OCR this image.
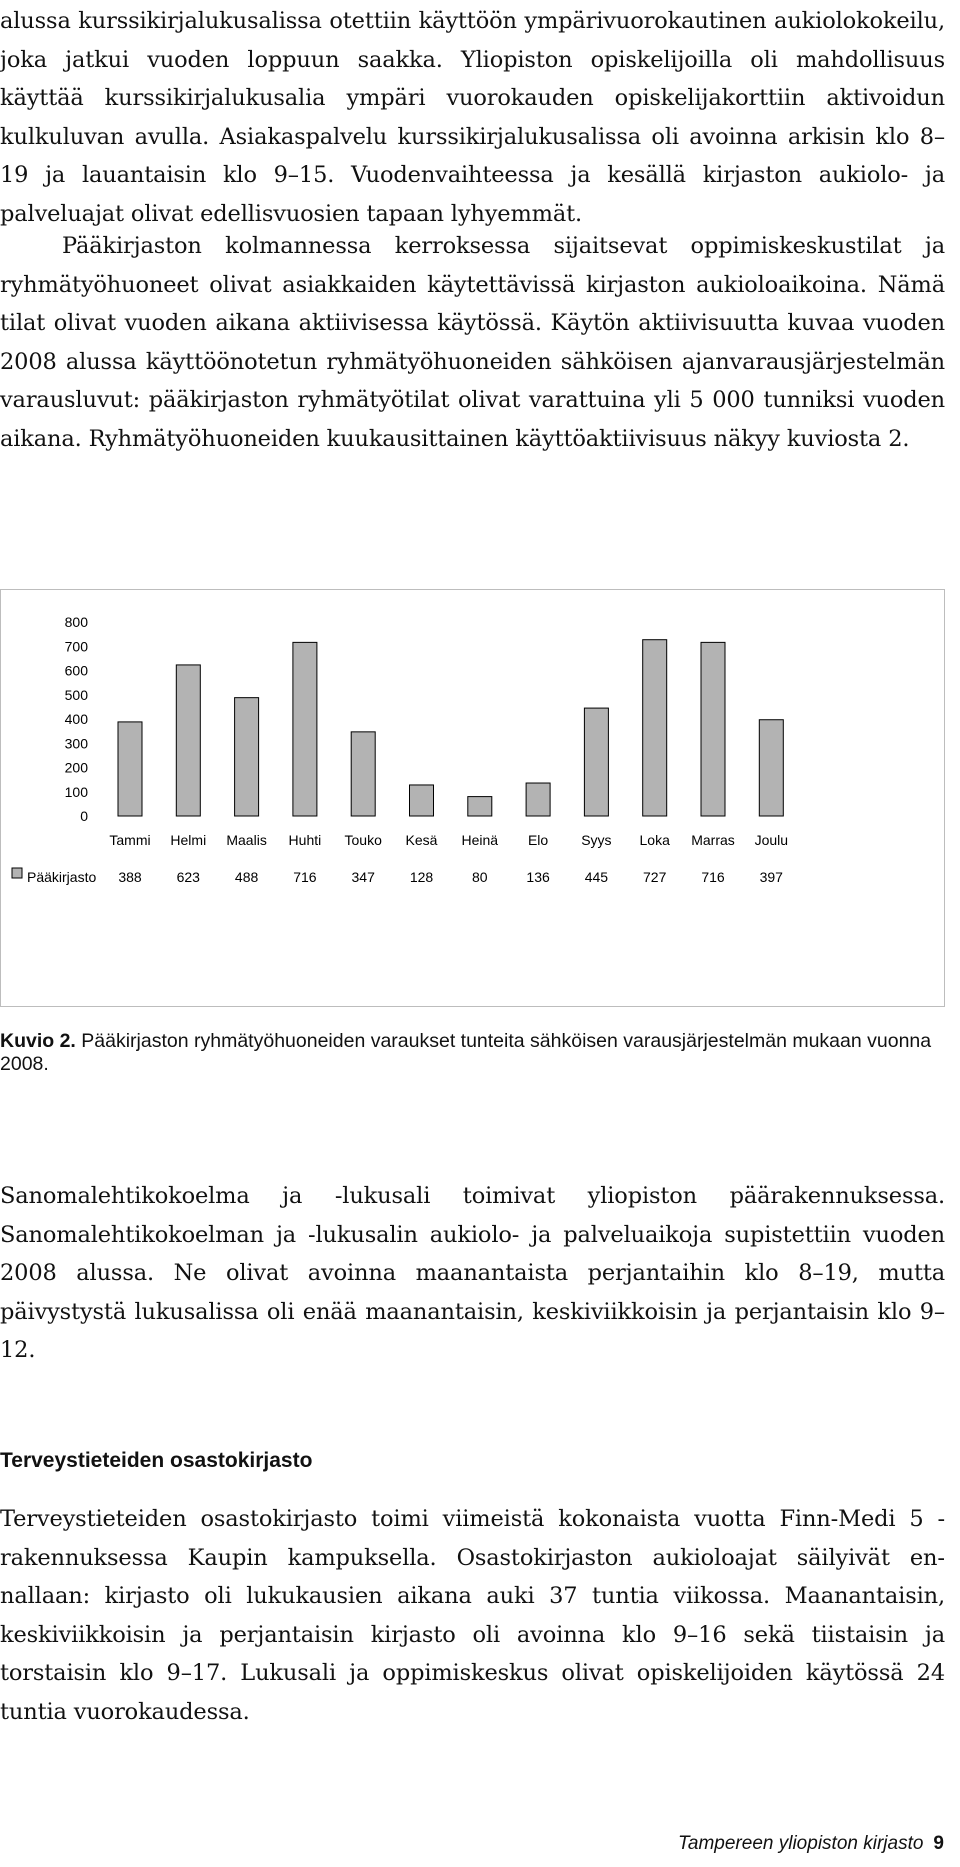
alussa kurssikirjalukusalissa otettiin käyttöön ympärivuorokautinen aukiolokokeilu, joka jatkui vuoden loppuun saakka. Yliopiston opiskelijoilla oli mahdollisuus käyttää kurssikirjalukusalia ympäri vuorokauden opiskelijakorttiin aktivoidun kulkuluvan avulla. Asiakaspalvelu kurssikirjalukusalissa oli avoinna arkisin klo 8–19 ja lauantaisin klo 9–15. Vuodenvaihteessa ja kesällä kirjaston aukiolo- ja palveluajat olivat edellisvuosien tapaan lyhyemmät.
Pääkirjaston kolmannessa kerroksessa sijaitsevat oppimiskeskustilat ja ryhmätyöhuoneet olivat asiakkaiden käytettävissä kirjaston aukioloaikoina. Nämä tilat olivat vuoden aikana aktiivisessa käytössä. Käytön aktiivisuutta kuvaa vuoden 2008 alussa käyttöönotetun ryhmätyöhuoneiden sähköisen ajanvarausjärjestelmän varausluvut: pääkirjaston ryhmätyötilat olivat varattuina yli 5 000 tunniksi vuoden aikana. Ryhmätyöhuoneiden kuukausittainen käyttöaktiivisuus näkyy kuviosta 2.
0
100
200
300
400
500
600
700
800
Tammi Helmi Maalis Huhti Touko Kesä Heinä Elo Syys Loka Marras Joulu
388 623 488 716 347 128	80	136 445 727 716 397
Pääkirjasto
Kuvio 2. Pääkirjaston ryhmätyöhuoneiden varaukset tunteita sähköisen varausjärjestelmän mukaan vuonna 2008.
Sanomalehtikokoelma ja -lukusali toimivat yliopiston päärakennuksessa. Sanomalehtikokoelman ja -lukusalin aukiolo- ja palveluaikoja supistettiin vuoden 2008 alussa. Ne olivat avoinna maanantaista perjantaihin klo 8–19, mutta päivystystä lukusalissa oli enää maanantaisin, keskiviikkoisin ja perjantaisin klo 9–12.
Terveystieteiden osastokirjasto
Terveystieteiden osastokirjasto toimi viimeistä kokonaista vuotta Finn-Medi 5 -rakennuksessa Kaupin kampuksella. Osastokirjaston aukioloajat säilyivät ennallaan: kirjasto oli lukukausien aikana auki 37 tuntia viikossa. Maanantaisin, keskiviikkoisin ja perjantaisin kirjasto oli avoinna klo 9–16 sekä tiistaisin ja torstaisin klo 9–17. Lukusali ja oppimiskeskus olivat opiskelijoiden käytössä 24 tuntia vuorokaudessa.
Tampereen yliopiston kirjasto 9
